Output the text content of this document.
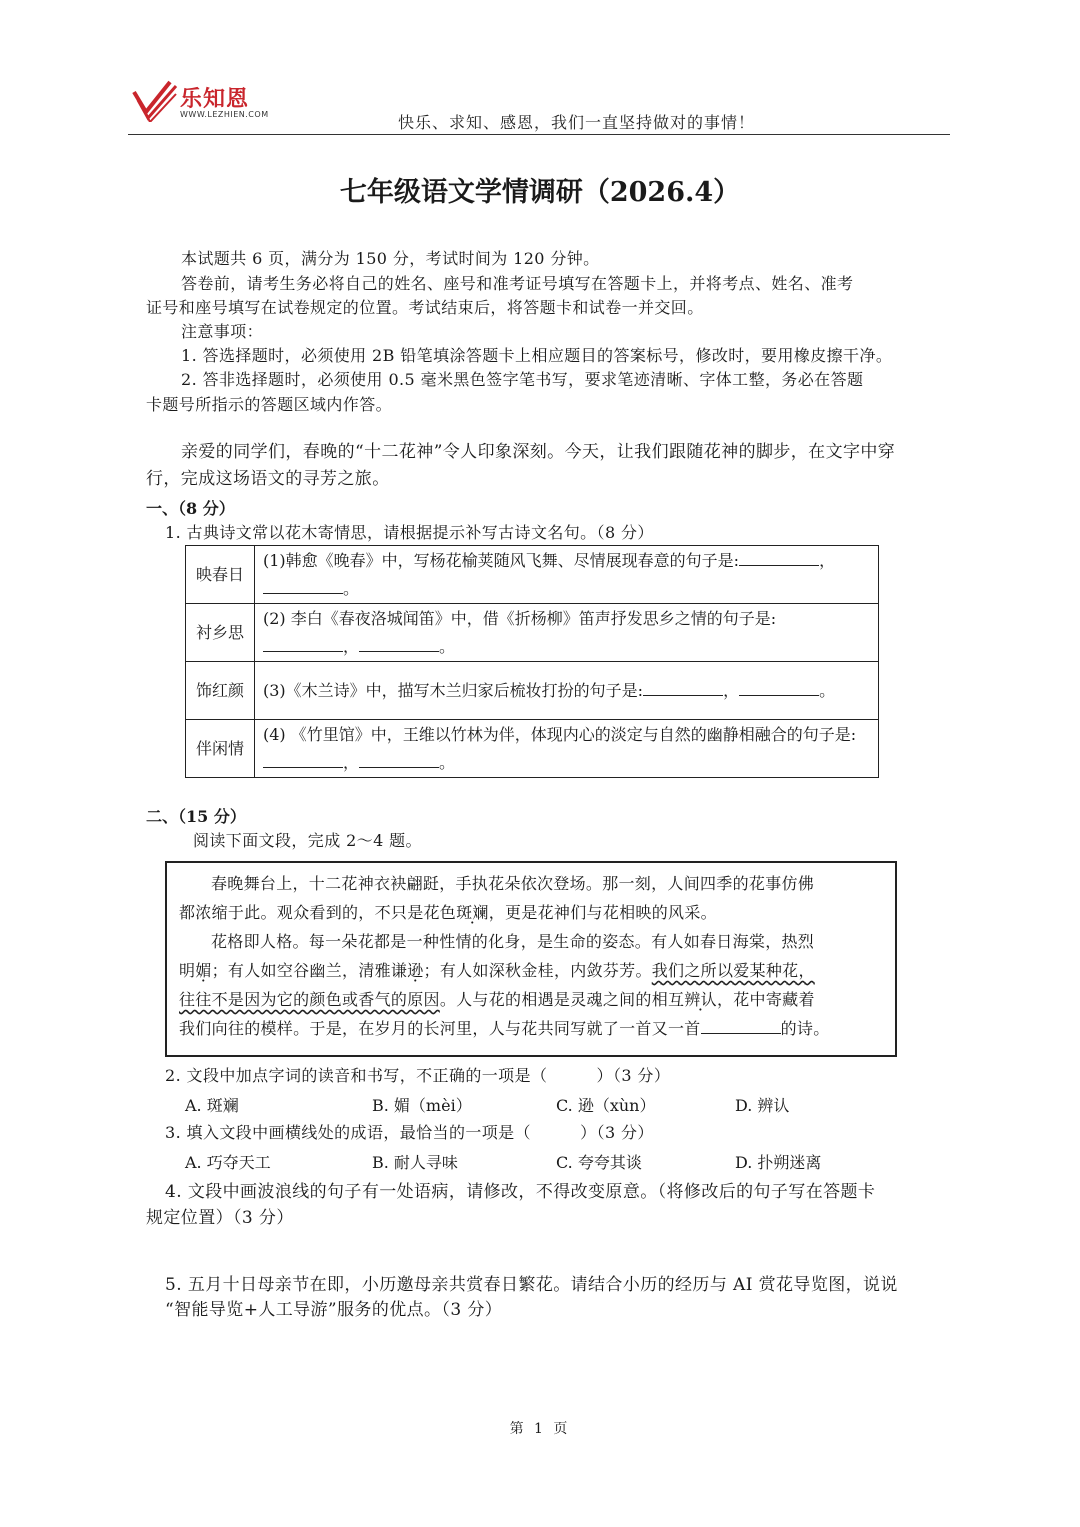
乐知恩
WWW.LEZHIEN.COM	快乐、求知、感恩，我们一直坚持做对的事情！
七年级语文学情调研（2026.4）
本试题共 6 页，满分为 150 分，考试时间为 120 分钟。
答卷前，请考生务必将自己的姓名、座号和准考证号填写在答题卡上，并将考点、姓名、准考
证号和座号填写在试卷规定的位置。考试结束后，将答题卡和试卷一并交回。
注意事项：
1. 答选择题时，必须使用 2B 铅笔填涂答题卡上相应题目的答案标号，修改时，要用橡皮擦干净。
2. 答非选择题时，必须使用 0.5 毫米黑色签字笔书写，要求笔迹清晰、字体工整，务必在答题
卡题号所指示的答题区域内作答。
亲爱的同学们，春晚的“十二花神”令人印象深刻。今天，让我们跟随花神的脚步，在文字中穿
行，完成这场语文的寻芳之旅。
一、（8 分）
1. 古典诗文常以花木寄情思，请根据提示补写古诗文名句。（8 分）
映春日	(1)韩愈《晚春》中，写杨花榆荚随风飞舞、尽情展现春意的句子是: ，
。
衬乡思	(2) 李白《春夜洛城闻笛》中，借《折杨柳》笛声抒发思乡之情的句子是:
， 。
饰红颜	(3)《木兰诗》中，描写木兰归家后梳妆打扮的句子是: ， 。
伴闲情	(4) 《竹里馆》中，王维以竹林为伴，体现内心的淡定与自然的幽静相融合的句子是:， 。
二、（15 分）
阅读下面文段，完成 2～4 题。
春晚舞台上，十二花神衣袂翩跹，手执花朵依次登场。那一刻，人间四季的花事仿佛
都浓缩于此。观众看到的，不只是花色斑斓，更是花神们与花相映的风采。
花格即人格。每一朵花都是一种性情的化身，是生命的姿态。有人如春日海棠，热烈
明媚；有人如空谷幽兰，清雅谦逊；有人如深秋金桂，内敛芬芳。我们之所以爱某种花，
往往不是因为它的颜色或香气的原因。人与花的相遇是灵魂之间的相互辨认，花中寄藏着
我们向往的模样。于是，在岁月的长河里，人与花共同写就了一首又一首	的诗。
2. 文段中加点字词的读音和书写，不正确的一项是（　　　）（3 分）
A. 斑斓	B. 媚（mèi）	C. 逊（xùn）	D. 辨认
3. 填入文段中画横线处的成语，最恰当的一项是（　　　）（3 分）
A. 巧夺天工	B. 耐人寻味	C. 夸夸其谈	D. 扑朔迷离
4. 文段中画波浪线的句子有一处语病，请修改，不得改变原意。（将修改后的句子写在答题卡
规定位置）（3 分）
5. 五月十日母亲节在即，小历邀母亲共赏春日繁花。请结合小历的经历与 AI 赏花导览图，说说
“智能导览+人工导游”服务的优点。（3 分）
第 1 页
